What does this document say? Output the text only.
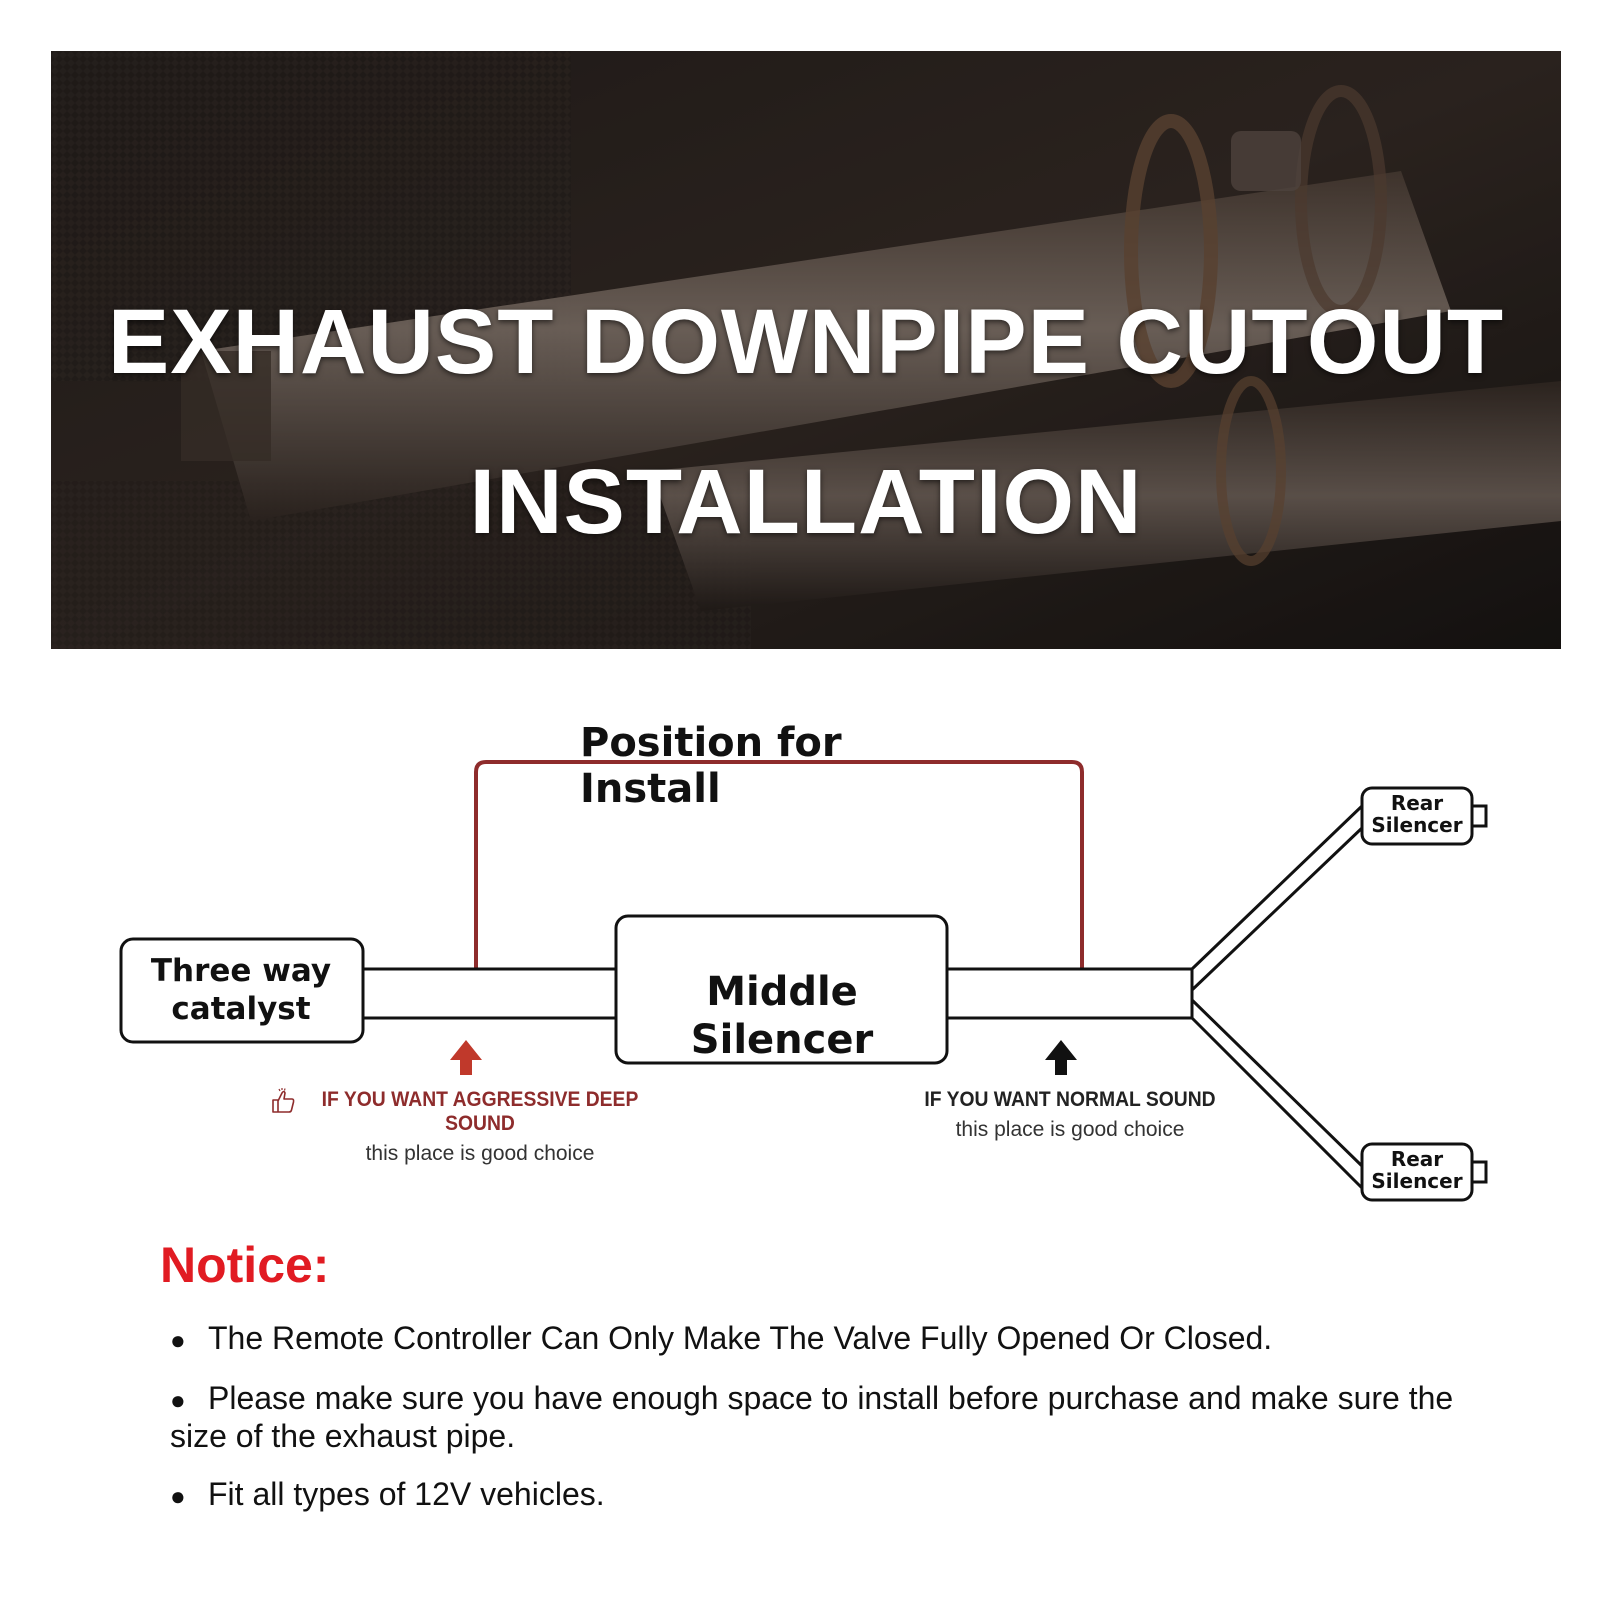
EXHAUST DOWNPIPE CUTOUT
INSTALLATION
Position for Install
Three way catalyst	Middle Silencer
Rear Silencer
Rear Silencer
IF YOU WANT AGGRESSIVE DEEP SOUND
this place is good choice
IF YOU WANT NORMAL SOUND
this place is good choice
Notice:
● The Remote Controller Can Only Make The Valve Fully Opened Or Closed.
● Please make sure you have enough space to install before purchase and make sure the size of the exhaust pipe.
● Fit all types of 12V vehicles.
